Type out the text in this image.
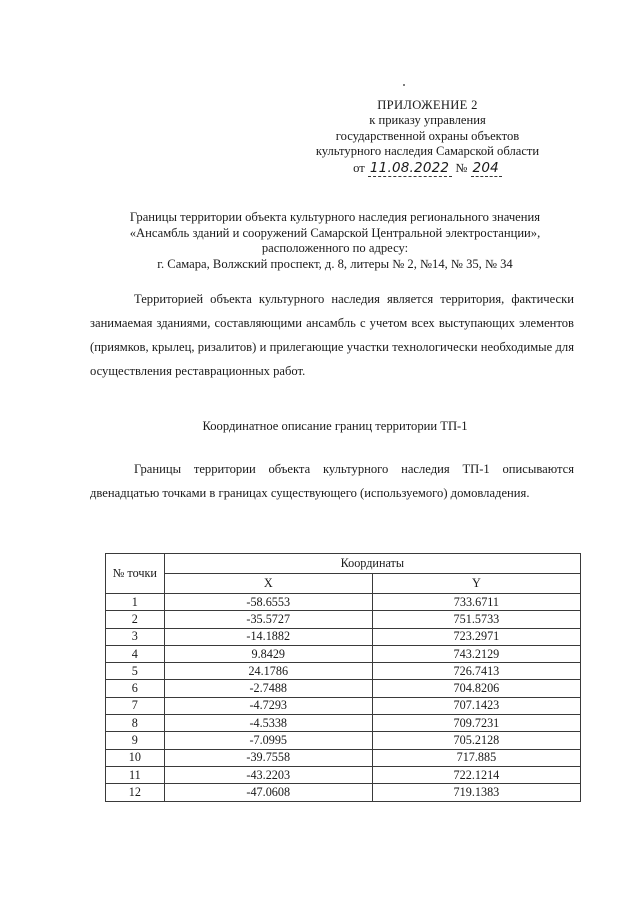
ПРИЛОЖЕНИЕ 2
к приказу управления
государственной охраны объектов
культурного наследия Самарской области
от 11.08.2022 № 204
Границы территории объекта культурного наследия регионального значения
«Ансамбль зданий и сооружений Самарской Центральной электростанции»,
расположенного по адресу:
г. Самара, Волжский проспект, д. 8, литеры № 2, №14, № 35, № 34
Территорией объекта культурного наследия является территория, фактически занимаемая зданиями, составляющими ансамбль с учетом всех выступающих элементов (приямков, крылец, ризалитов) и прилегающие участки технологически необходимые для осуществления реставрационных работ.
Координатное описание границ территории ТП-1
Границы территории объекта культурного наследия ТП-1 описываются двенадцатью точками в границах существующего (используемого) домовладения.
№ точки	Координаты	
	X	Y
1	-58.6553	733.6711
2	-35.5727	751.5733
3	-14.1882	723.2971
4	9.8429	743.2129
5	24.1786	726.7413
6	-2.7488	704.8206
7	-4.7293	707.1423
8	-4.5338	709.7231
9	-7.0995	705.2128
10	-39.7558	717.885
11	-43.2203	722.1214
12	-47.0608	719.1383
